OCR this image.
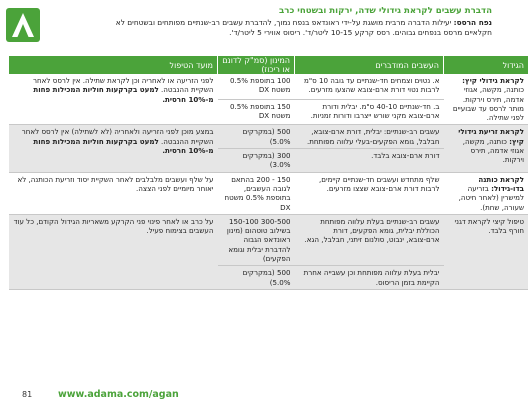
הדברת עשבים לקראת גידולי שדה, ירקות ובשטחי כרב
נפח הרסס: יעילות הדברה מרבית מושגת על-ידי ראונדאפ בנפח נמוך, להדברת עשבים רב-שנתיים מפותחים ובשטחים לא
חקלאיים מרסס בנפחים גבוהים. רסס קרקע 10-15 ליטר/ד'. ריסוס אווירי 5 ליטר/ד'.
הגידול	העשבים המודברים	המינון (סמ"ק לדונם או ריכוז)	מועד הטיפול
לקראת גידולי קיץ: כותנה, מקשה, אגוזי אדמה, תירס וירקות. מותר לרסס עד שבועיים לפני שתילה.	א. נטוים וצמחים חד-שנתיים עד גובה 10 ס"מ לרבות נטוי דורת ארם-צובא שהצעו מזרעים.	100 בתוספת 0.5% משטח DX	לפני הזריעה או לאחריה וכן לקראת שתילה. אין לרסס לאחר השקיית ההנבטה. למעט בקרקעות חוליות המכילות פחות מ-10% חרסית.
	ב. חד-שנתיים 40-10 ס"מ. יבלית ודורת ארם-צובא מקני שורש ייצרבו ודורות זמניות.	150 בתוספת 0.5% משטח DX	
לקראת זריעת גידולי קיץ: כותנה, מקשה, אגוזי אדמה, תירס וירקות.	עשבים רב-שנתיים: יבלית, דורת ארם-צובא, חבלבל, גומא הפקעים-בעלי עלווה מפותחת.	500 (במקרקים 5.0%)	במצע מוכן לפני הזריעה ולאחריה (לא לשתילה) אין לרסס לאחר השקיית ההנבטה. למעט בקרקעות חוליות המכילות פחות מ-10% חרסית.
	דורת ארם-צובא בלבד.	300 (במקרקים 3.0%)	
לקראת כותנה בדו-גידול: בזריעה למישרין (לאחר חיטה, שעורה, שחת).	שלף מתחדש ועשבים חד-שנתיים קיימים, לרבות דורת ארם-צובא שצצו מזרעים.	150 - 200 בהתאם לגובה העשבים, בתוספת 0.5% משטח DX	על שלף ועשבים מלבלבים לאחר השקיית יסוד וזריעת הכותנה, לא יאוחר מיומיים לפני הצצה.
טיפול קיצי לקראת דגני חורף בלבד.	עשבים רב-שנתיים בעלת עלווה מפותחת הכוללת יבלית, גומא הפקעים, דורת ארם-צובא, ינבוט, סולנום זיתני, חבלבל, הגא.	300-500 150-100 בשילוב טוטהום (מינון ראונדאפ הגבוה להדברת יבלית וגומא הפקעים)	על כרב או לאחר פינוי פני הקרקע משאריות הגידול הקודם, כל עוד העשבים בצימוח פעיל.
	יבלית בעלת עלווה מפותחת וכן עשבייה אחרת הקיימת בזמן הריסוס.	500 (במקרקים 5.0%)	
81	www.adama.com/agan
